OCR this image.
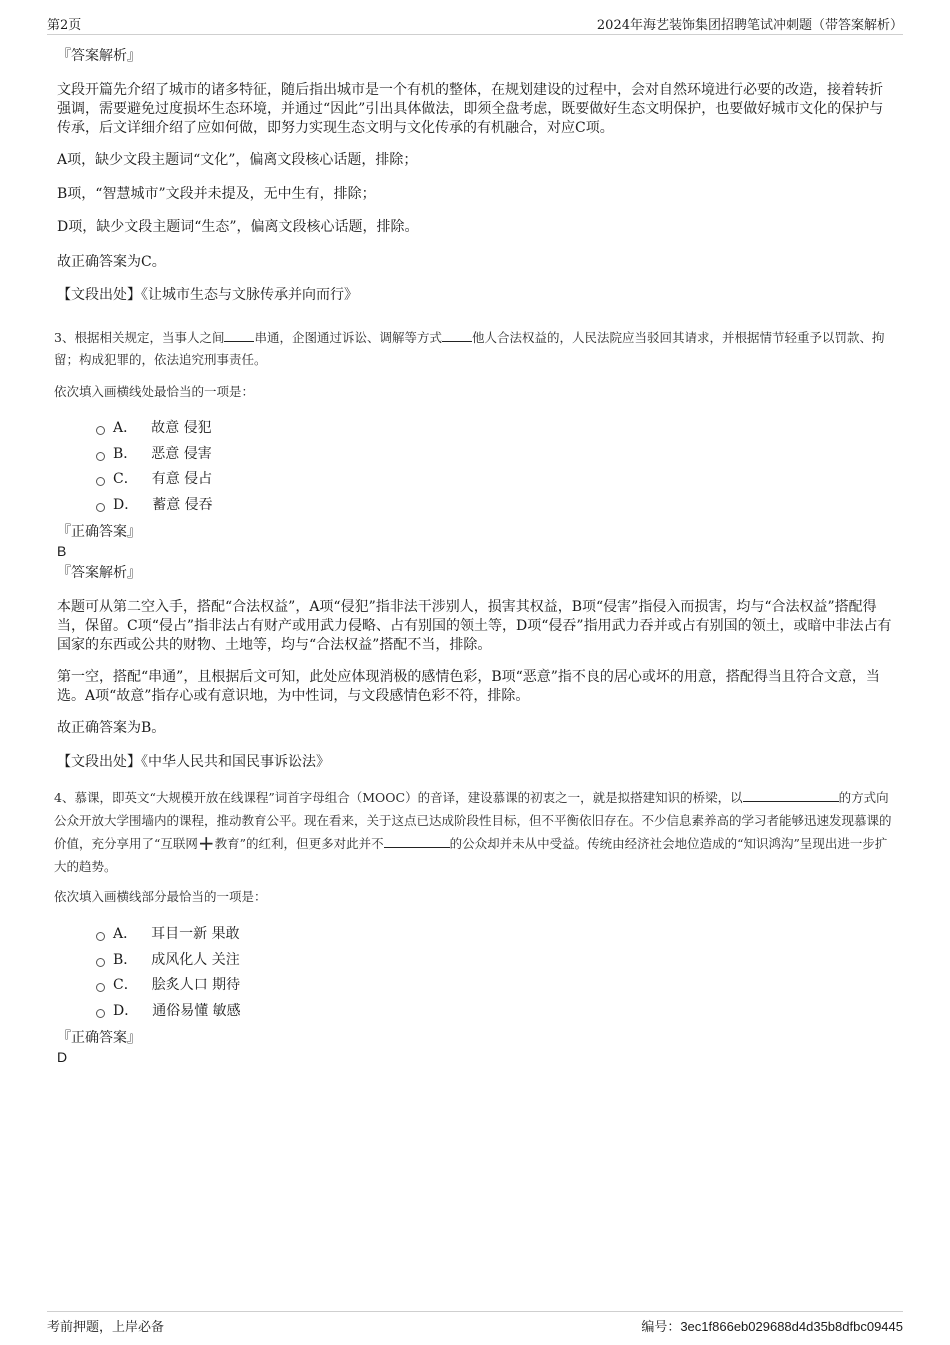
第2页	2024年海艺装饰集团招聘笔试冲刺题（带答案解析）
『答案解析』
文段开篇先介绍了城市的诸多特征，随后指出城市是一个有机的整体，在规划建设的过程中，会对自然环境进行必要的改造，接着转折强调，需要避免过度损坏生态环境，并通过“因此”引出具体做法，即须全盘考虑，既要做好生态文明保护，也要做好城市文化的保护与传承，后文详细介绍了应如何做，即努力实现生态文明与文化传承的有机融合，对应C项。
A项，缺少文段主题词“文化”，偏离文段核心话题，排除；
B项，“智慧城市”文段并未提及，无中生有，排除；
D项，缺少文段主题词“生态”，偏离文段核心话题，排除。
故正确答案为C。
【文段出处】《让城市生态与文脉传承并向而行》
3、根据相关规定，当事人之间 串通，企图通过诉讼、调解等方式 他人合法权益的，人民法院应当驳回其请求，并根据情节轻重予以罚款、拘留；构成犯罪的，依法追究刑事责任。
依次填入画横线处最恰当的一项是：
A． 故意 侵犯
B． 恶意 侵害
C． 有意 侵占
D． 蓄意 侵吞
『正确答案』
B
『答案解析』
本题可从第二空入手，搭配“合法权益”，A项“侵犯”指非法干涉别人，损害其权益，B项“侵害”指侵入而损害，均与“合法权益”搭配得当，保留。C项“侵占”指非法占有财产或用武力侵略、占有别国的领土等，D项“侵吞”指用武力吞并或占有别国的领土，或暗中非法占有国家的东西或公共的财物、土地等，均与“合法权益”搭配不当，排除。
第一空，搭配“串通”，且根据后文可知，此处应体现消极的感情色彩，B项“恶意”指不良的居心或坏的用意，搭配得当且符合文意，当选。A项“故意”指存心或有意识地，为中性词，与文段感情色彩不符，排除。
故正确答案为B。
【文段出处】《中华人民共和国民事诉讼法》
4、慕课，即英文“大规模开放在线课程”词首字母组合（MOOC）的音译，建设慕课的初衷之一，就是拟搭建知识的桥梁，以	的方式向公众开放大学围墙内的课程，推动教育公平。现在看来，关于这点已达成阶段性目标，但不平衡依旧存在。不少信息素养高的学习者能够迅速发现慕课的价值，充分享用了“互联网+教育”的红利，但更多对此并不	的公众却并未从中受益。传统由经济社会地位造成的“知识鸿沟”呈现出进一步扩大的趋势。
依次填入画横线部分最恰当的一项是：
A． 耳目一新 果敢
B． 成风化人 关注
C． 脍炙人口 期待
D． 通俗易懂 敏感
『正确答案』
D
考前押题，上岸必备	编号：3ec1f866eb029688d4d35b8dfbc09445
